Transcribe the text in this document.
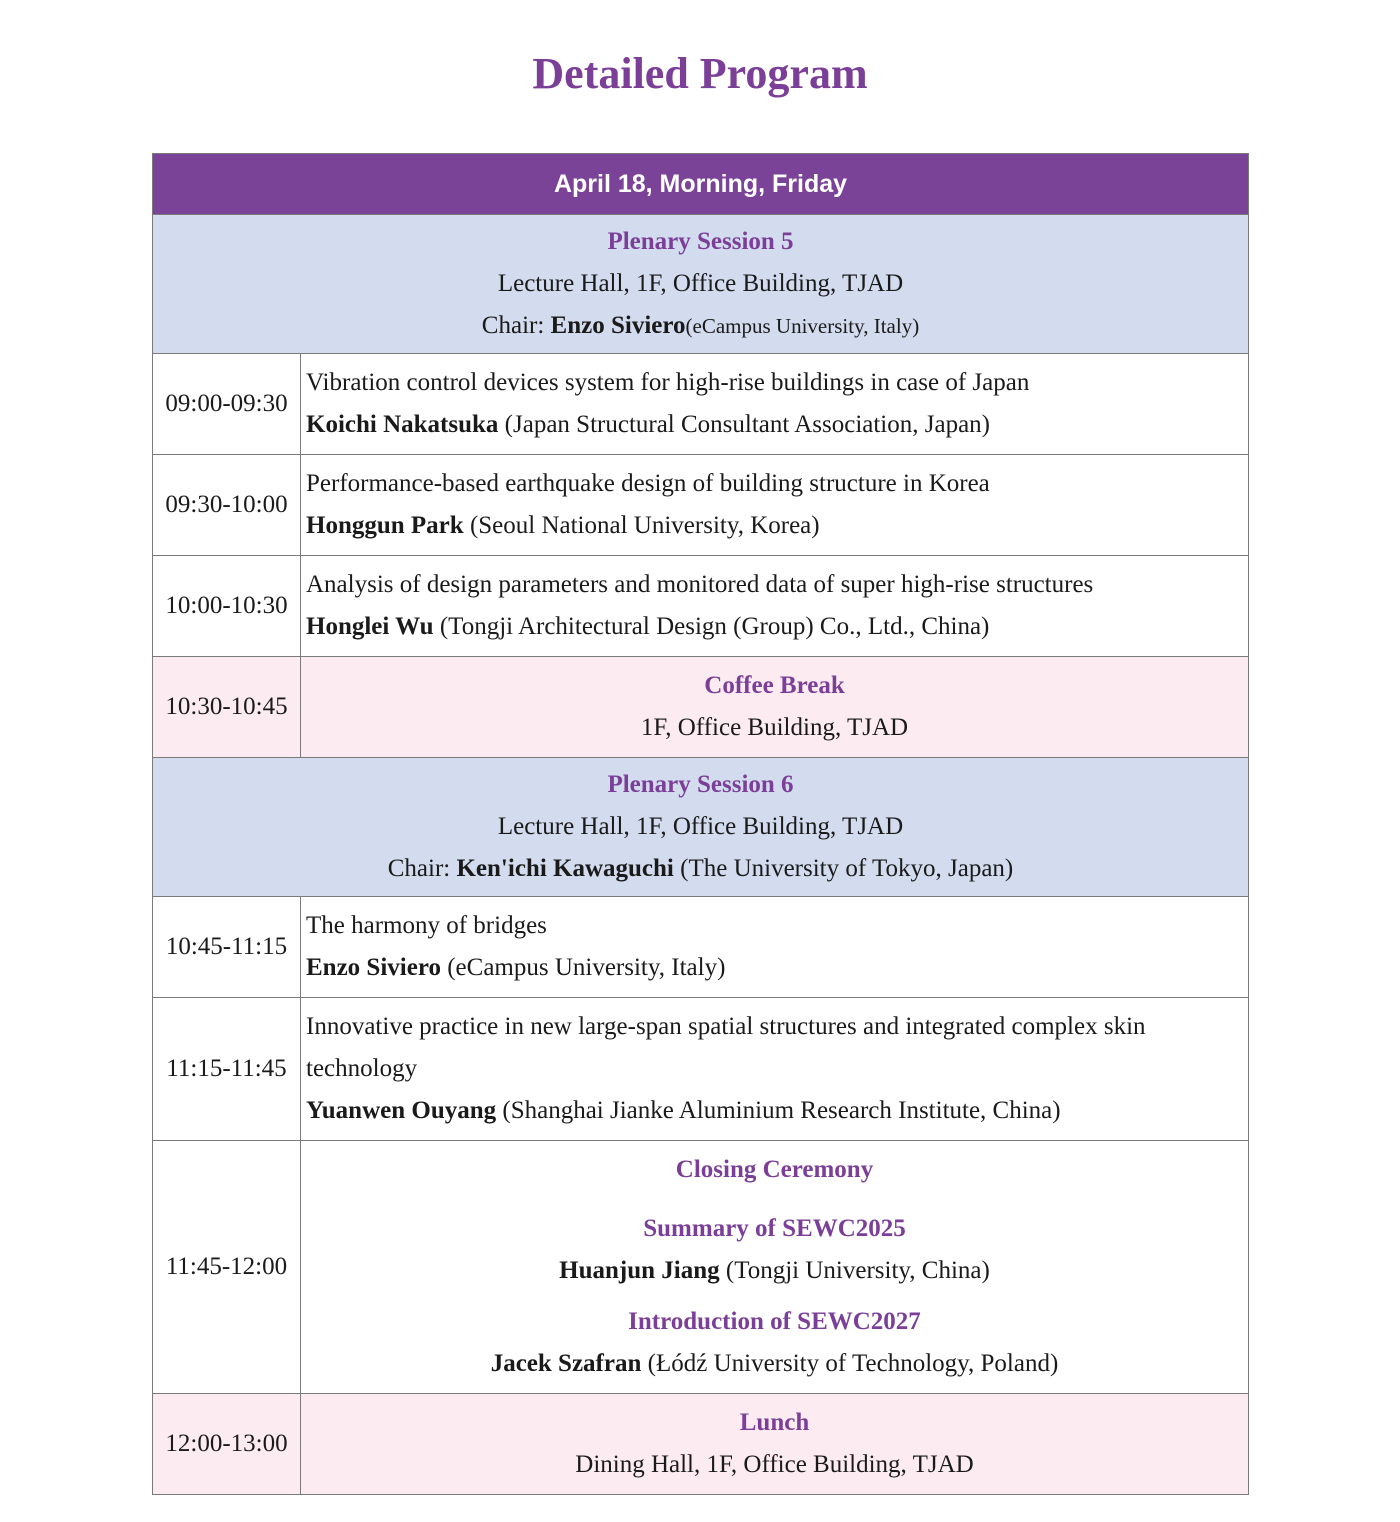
Detailed Program
April 18, Morning, Friday	

Plenary Session 5
Lecture Hall, 1F, Office Building, TJAD
Chair: Enzo Siviero(eCampus University, Italy)	

09:00-09:30	Vibration control devices system for high-rise buildings in case of Japan
Koichi Nakatsuka (Japan Structural Consultant Association, Japan)

09:30-10:00	Performance-based earthquake design of building structure in Korea
Honggun Park (Seoul National University, Korea)

10:00-10:30	Analysis of design parameters and monitored data of super high-rise structures
Honglei Wu (Tongji Architectural Design (Group) Co., Ltd., China)

10:30-10:45	Coffee Break
1F, Office Building, TJAD

Plenary Session 6
Lecture Hall, 1F, Office Building, TJAD
Chair: Ken'ichi Kawaguchi (The University of Tokyo, Japan)	

10:45-11:15	The harmony of bridges
Enzo Siviero (eCampus University, Italy)

11:15-11:45	Innovative practice in new large-span spatial structures and integrated complex skin technology
Yuanwen Ouyang (Shanghai Jianke Aluminium Research Institute, China)

11:45-12:00	Closing Ceremony
Summary of SEWC2025
Huanjun Jiang (Tongji University, China)
Introduction of SEWC2027
Jacek Szafran (Łódź University of Technology, Poland)

12:00-13:00	Lunch
Dining Hall, 1F, Office Building, TJAD
